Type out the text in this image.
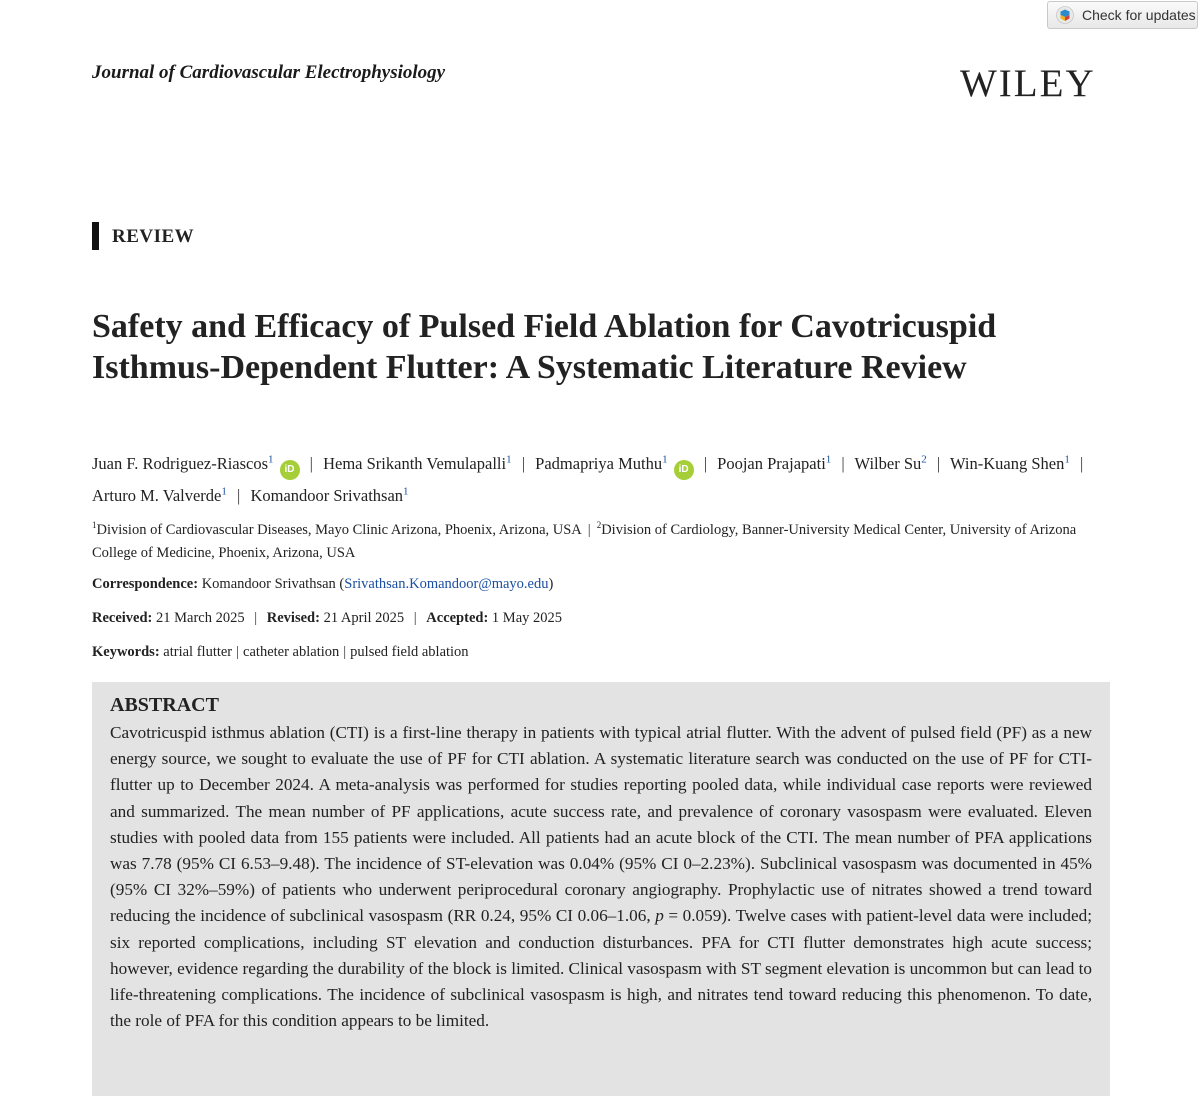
Check for updates
Journal of Cardiovascular Electrophysiology	WILEY
REVIEW
Safety and Efficacy of Pulsed Field Ablation for Cavotricuspid Isthmus-Dependent Flutter: A Systematic Literature Review
Juan F. Rodriguez-Riascos$^1$iD | Hema Srikanth Vemulapalli$^1$ | Padmapriya Muthu$^1$iD | Poojan Prajapati$^1$ | Wilber Su$^2$ | Win-Kuang Shen$^1$ | Arturo M. Valverde$^1$ | Komandoor Srivathsan$^1$
$^1$Division of Cardiovascular Diseases, Mayo Clinic Arizona, Phoenix, Arizona, USA | $^2$Division of Cardiology, Banner-University Medical Center, University of Arizona College of Medicine, Phoenix, Arizona, USA
Correspondence: Komandoor Srivathsan (Srivathsan.Komandoor@mayo.edu)
Received: 21 March 2025 | Revised: 21 April 2025 | Accepted: 1 May 2025
Keywords: atrial flutter | catheter ablation | pulsed field ablation
ABSTRACT

Cavotricuspid isthmus ablation (CTI) is a first-line therapy in patients with typical atrial flutter. With the advent of pulsed field (PF) as a new energy source, we sought to evaluate the use of PF for CTI ablation. A systematic literature search was conducted on the use of PF for CTI-flutter up to December 2024. A meta-analysis was performed for studies reporting pooled data, while individual case reports were reviewed and summarized. The mean number of PF applications, acute success rate, and prevalence of coronary vasospasm were evaluated. Eleven studies with pooled data from 155 patients were included. All patients had an acute block of the CTI. The mean number of PFA applications was 7.78 (95% CI 6.53–9.48). The incidence of ST-elevation was 0.04% (95% CI 0–2.23%). Subclinical vasospasm was documented in 45% (95% CI 32%–59%) of patients who underwent periprocedural coronary angiography. Prophylactic use of nitrates showed a trend toward reducing the incidence of subclinical vasospasm (RR 0.24, 95% CI 0.06–1.06, p = 0.059). Twelve cases with patient-level data were included; six reported complications, including ST elevation and conduction disturbances. PFA for CTI flutter demonstrates high acute success; however, evidence regarding the durability of the block is limited. Clinical vasospasm with ST segment elevation is uncommon but can lead to life-threatening complications. The incidence of subclinical vasospasm is high, and nitrates tend toward reducing this phenomenon. To date, the role of PFA for this condition appears to be limited.
